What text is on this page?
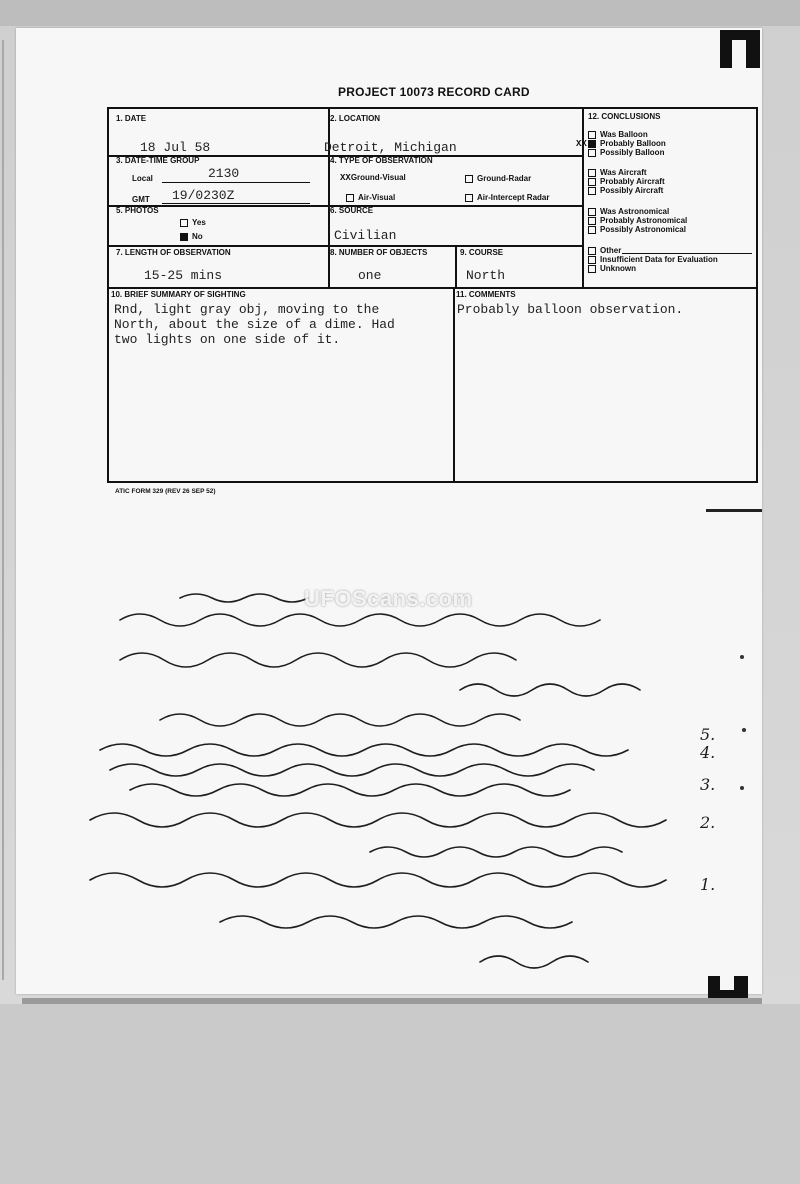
PROJECT 10073 RECORD CARD
1. DATE
18 Jul 58
2. LOCATION
Detroit, Michigan
3. DATE-TIME GROUP
Local	2130
GMT 19/0230Z
4. TYPE OF OBSERVATION
XXGround-Visual	Ground-Radar
Air-Visual	Air-Intercept Radar
5. PHOTOS
Yes
No
6. SOURCE
Civilian
7. LENGTH OF OBSERVATION
15-25 mins
8. NUMBER OF OBJECTS
one
9. COURSE
North
10. BRIEF SUMMARY OF SIGHTING
Rnd, light gray obj, moving to the
North, about the size of a dime. Had
two lights on one side of it.
11. COMMENTS
Probably balloon observation.
12. CONCLUSIONS
Was Balloon
Probably Balloon
Possibly Balloon
XX
Was Aircraft
Probably Aircraft
Possibly Aircraft
Was Astronomical
Probably Astronomical
Possibly Astronomical
Other
Insufficient Data for Evaluation
Unknown
ATIC FORM 329 (REV 26 SEP 52)
1.
2.
3.
4.
5.
UFOScans.com
